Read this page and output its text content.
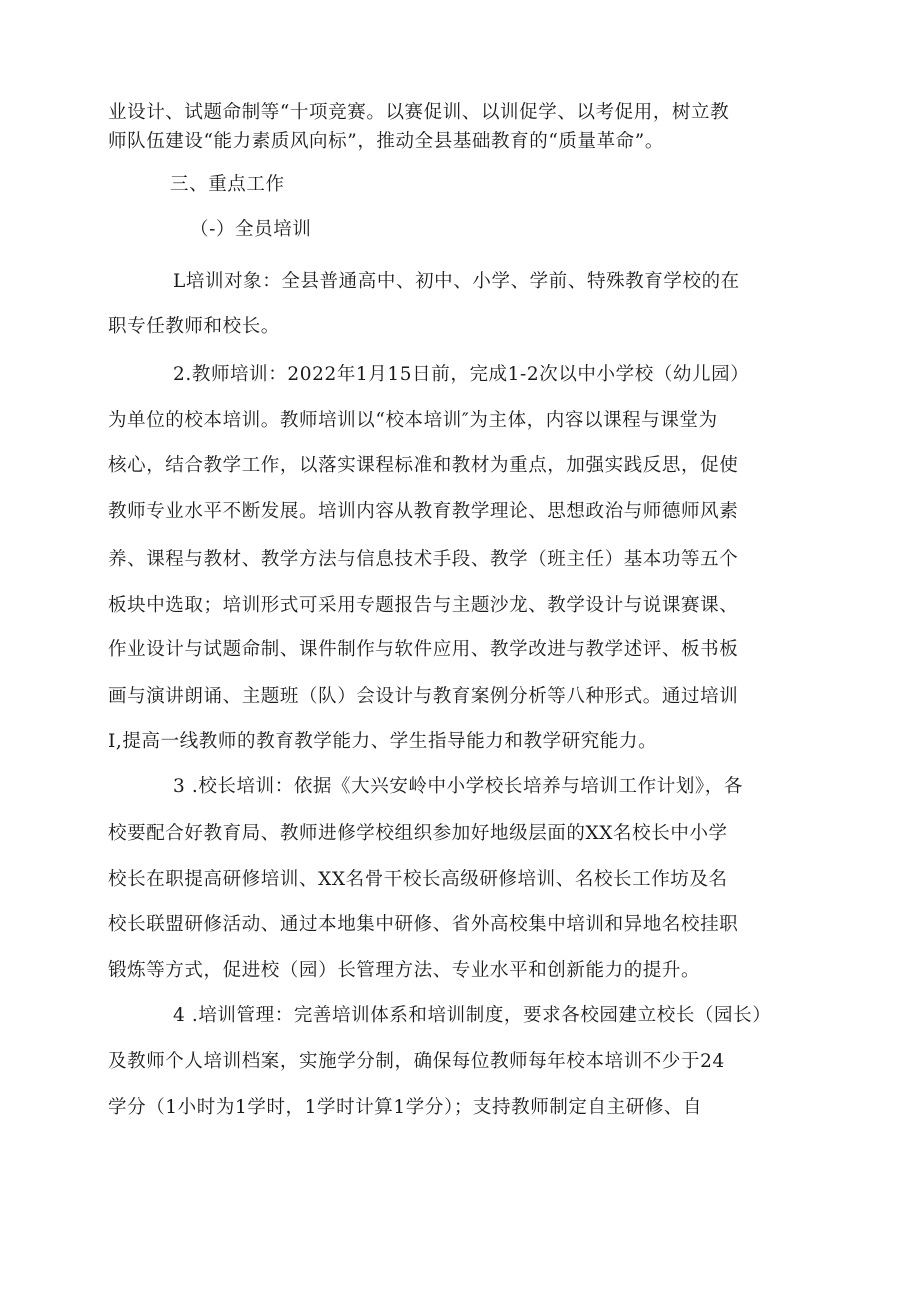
业设计、试题命制等“十项竞赛。以赛促训、以训促学、以考促用，树立教
师队伍建设“能力素质风向标”，推动全县基础教育的“质量革命”。
三、重点工作
（-）全员培训
L培训对象：全县普通高中、初中、小学、学前、特殊教育学校的在
职专任教师和校长。
2.教师培训：2022年1月15日前，完成1-2次以中小学校（幼儿园）
为单位的校本培训。教师培训以“校本培训″为主体，内容以课程与课堂为
核心，结合教学工作，以落实课程标准和教材为重点，加强实践反思，促使
教师专业水平不断发展。培训内容从教育教学理论、思想政治与师德师风素
养、课程与教材、教学方法与信息技术手段、教学（班主任）基本功等五个
板块中选取；培训形式可采用专题报告与主题沙龙、教学设计与说课赛课、
作业设计与试题命制、课件制作与软件应用、教学改进与教学述评、板书板
画与演讲朗诵、主题班（队）会设计与教育案例分析等八种形式。通过培训
I,提高一线教师的教育教学能力、学生指导能力和教学研究能力。
3 .校长培训：依据《大兴安岭中小学校长培养与培训工作计划》，各
校要配合好教育局、教师进修学校组织参加好地级层面的XX名校长中小学
校长在职提高研修培训、XX名骨干校长高级研修培训、名校长工作坊及名
校长联盟研修活动、通过本地集中研修、省外高校集中培训和异地名校挂职
锻炼等方式，促进校（园）长管理方法、专业水平和创新能力的提升。
4 .培训管理：完善培训体系和培训制度，要求各校园建立校长（园长）
及教师个人培训档案，实施学分制，确保每位教师每年校本培训不少于24
学分（1小时为1学时，1学时计算1学分）；支持教师制定自主研修、自
